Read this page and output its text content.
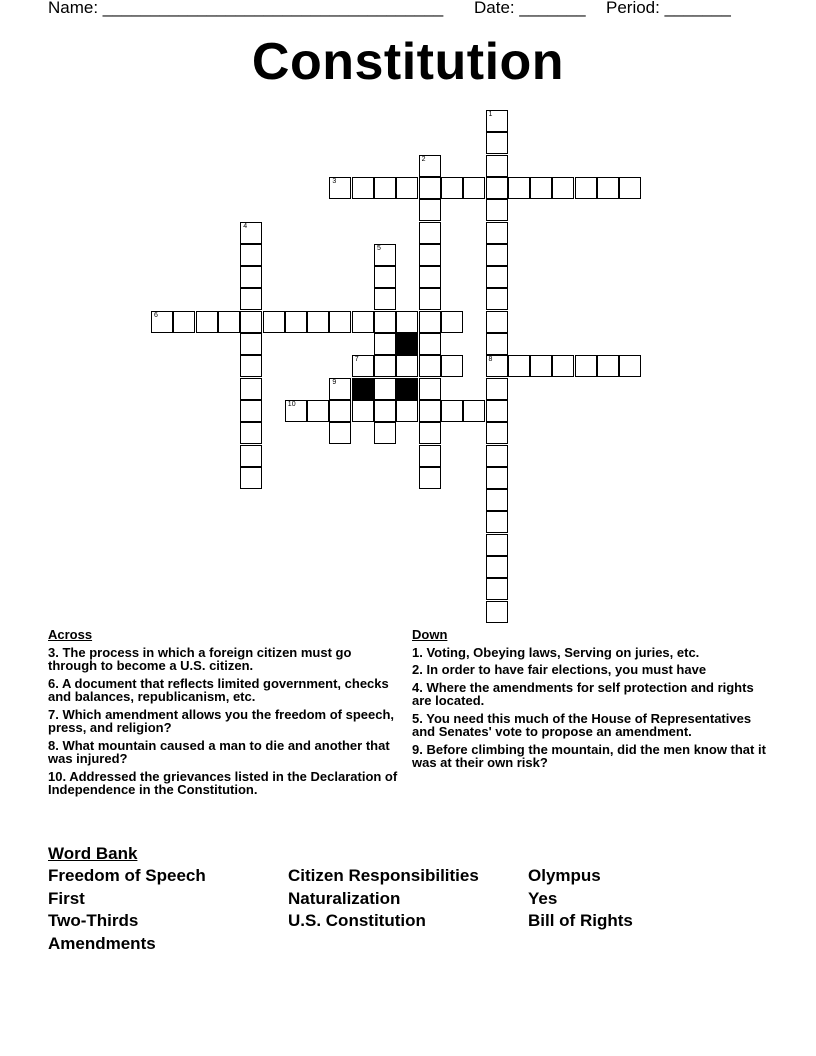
Name: ____________________________________ Date: _______ Period: _______
Constitution
1
8
2
3
4
5
6
7
9
10
Across
3. The process in which a foreign citizen must go through to become a U.S. citizen.
6. A document that reflects limited government, checks and balances, republicanism, etc.
7. Which amendment allows you the freedom of speech, press, and religion?
8. What mountain caused a man to die and another that was injured?
10. Addressed the grievances listed in the Declaration of Independence in the Constitution.
Down
1. Voting, Obeying laws, Serving on juries, etc.
2. In order to have fair elections, you must have
4. Where the amendments for self protection and rights are located.
5. You need this much of the House of Representatives and Senates' vote to propose an amendment.
9. Before climbing the mountain, did the men know that it was at their own risk?
Word Bank
Freedom of Speech	Citizen Responsibilities	Olympus
First	Naturalization	Yes
Two-Thirds	U.S. Constitution	Bill of Rights
Amendments
